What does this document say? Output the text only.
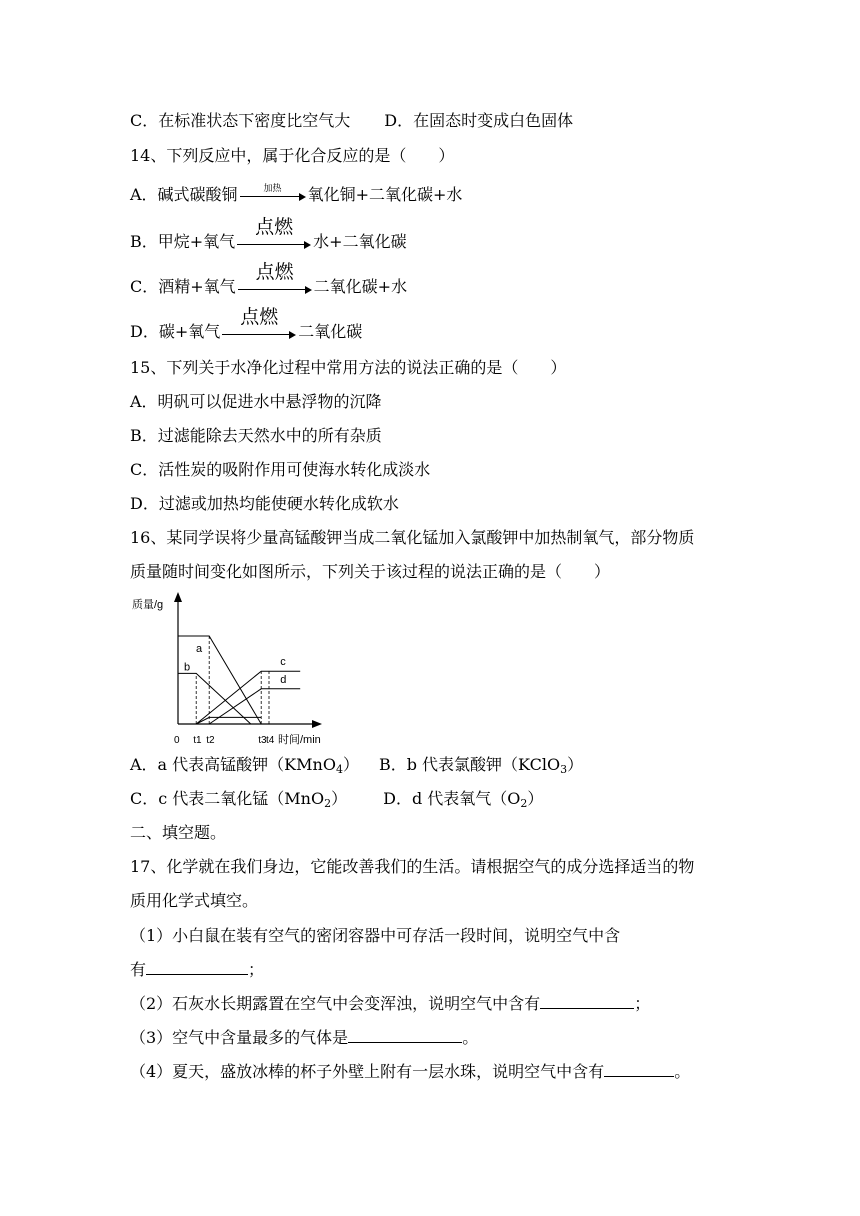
C．在标准状态下密度比空气大 D．在固态时变成白色固体
14、下列反应中，属于化合反应的是（　　）
A．碱式碳酸铜	加热	氧化铜+二氧化碳+水
B．甲烷+氧气
点燃
水+二氧化碳
C．酒精+氧气
点燃
二氧化碳+水
D．碳+氧气
点燃
二氧化碳
15、下列关于水净化过程中常用方法的说法正确的是（　　）
A．明矾可以促进水中悬浮物的沉降
B．过滤能除去天然水中的所有杂质
C．活性炭的吸附作用可使海水转化成淡水
D．过滤或加热均能使硬水转化成软水
16、某同学误将少量高锰酸钾当成二氧化锰加入氯酸钾中加热制氧气，部分物质
质量随时间变化如图所示，下列关于该过程的说法正确的是（　　）
质量/g
时间/min
a
b	c
d
0 t1 t2	t3 t4
A．a 代表高锰酸钾（KMnO$_4$） B．b 代表氯酸钾（KClO$_3$）
C．c 代表二氧化锰（MnO$_2$） D．d 代表氧气$(O_2)$
二、填空题。
17、化学就在我们身边，它能改善我们的生活。请根据空气的成分选择适当的物
质用化学式填空。
（1）小白鼠在装有空气的密闭容器中可存活一段时间，说明空气中含
有	；
（2）石灰水长期露置在空气中会变浑浊，说明空气中含有	；
（3）空气中含量最多的气体是	。
（4）夏天，盛放冰棒的杯子外壁上附有一层水珠，说明空气中含有	。
